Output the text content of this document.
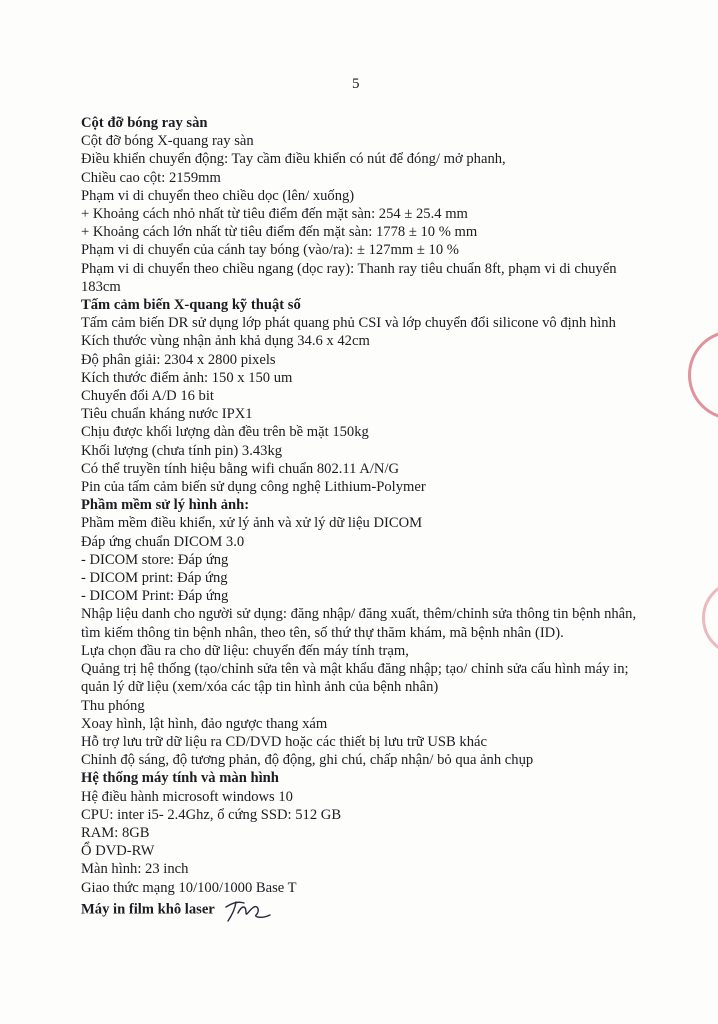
5
Cột đỡ bóng ray sàn
Cột đỡ bóng X-quang ray sàn
Điều khiển chuyển động: Tay cầm điều khiển có nút để đóng/ mở phanh,
Chiều cao cột: 2159mm
Phạm vi di chuyển theo chiều dọc (lên/ xuống)
+ Khoảng cách nhỏ nhất từ tiêu điểm đến mặt sàn: 254 ± 25.4 mm
+ Khoảng cách lớn nhất từ tiêu điểm đến mặt sàn: 1778 ± 10 % mm
Phạm vi di chuyển của cánh tay bóng (vào/ra): ± 127mm ± 10 %
Phạm vi di chuyển theo chiều ngang (dọc ray): Thanh ray tiêu chuẩn 8ft, phạm vi di chuyển 183cm
Tấm cảm biến X-quang kỹ thuật số
Tấm cảm biến DR sử dụng lớp phát quang phủ CSI và lớp chuyển đổi silicone vô định hình
Kích thước vùng nhận ảnh khả dụng 34.6 x 42cm
Độ phân giải: 2304 x 2800 pixels
Kích thước điểm ảnh: 150 x 150 um
Chuyển đổi A/D 16 bit
Tiêu chuẩn kháng nước IPX1
Chịu được khối lượng dàn đều trên bề mặt 150kg
Khối lượng (chưa tính pin) 3.43kg
Có thể truyền tính hiệu bằng wifi chuẩn 802.11 A/N/G
Pin của tấm cảm biến sử dụng công nghệ Lithium-Polymer
Phầm mềm sử lý hình ảnh:
Phầm mềm điều khiển, xử lý ảnh và xử lý dữ liệu DICOM
Đáp ứng chuẩn DICOM 3.0
- DICOM store: Đáp ứng
- DICOM print: Đáp ứng
- DICOM Print: Đáp ứng
Nhập liệu danh cho người sử dụng: đăng nhập/ đăng xuất, thêm/chỉnh sửa thông tin bệnh nhân, tìm kiếm thông tin bệnh nhân, theo tên, số thứ thự thăm khám, mã bệnh nhân (ID).
Lựa chọn đầu ra cho dữ liệu: chuyển đến máy tính trạm,
Quảng trị hệ thống (tạo/chỉnh sửa tên và mật khẩu đăng nhập; tạo/ chỉnh sửa cấu hình máy in; quản lý dữ liệu (xem/xóa các tập tin hình ảnh của bệnh nhân)
Thu phóng
Xoay hình, lật hình, đảo ngược thang xám
Hỗ trợ lưu trữ dữ liệu ra CD/DVD hoặc các thiết bị lưu trữ USB khác
Chỉnh độ sáng, độ tương phản, độ động, ghi chú, chấp nhận/ bỏ qua ảnh chụp
Hệ thống máy tính và màn hình
Hệ điều hành microsoft windows 10
CPU: inter i5- 2.4Ghz, ổ cứng SSD: 512 GB
RAM: 8GB
Ổ DVD-RW
Màn hình: 23 inch
Giao thức mạng 10/100/1000 Base T
Máy in film khô laser
